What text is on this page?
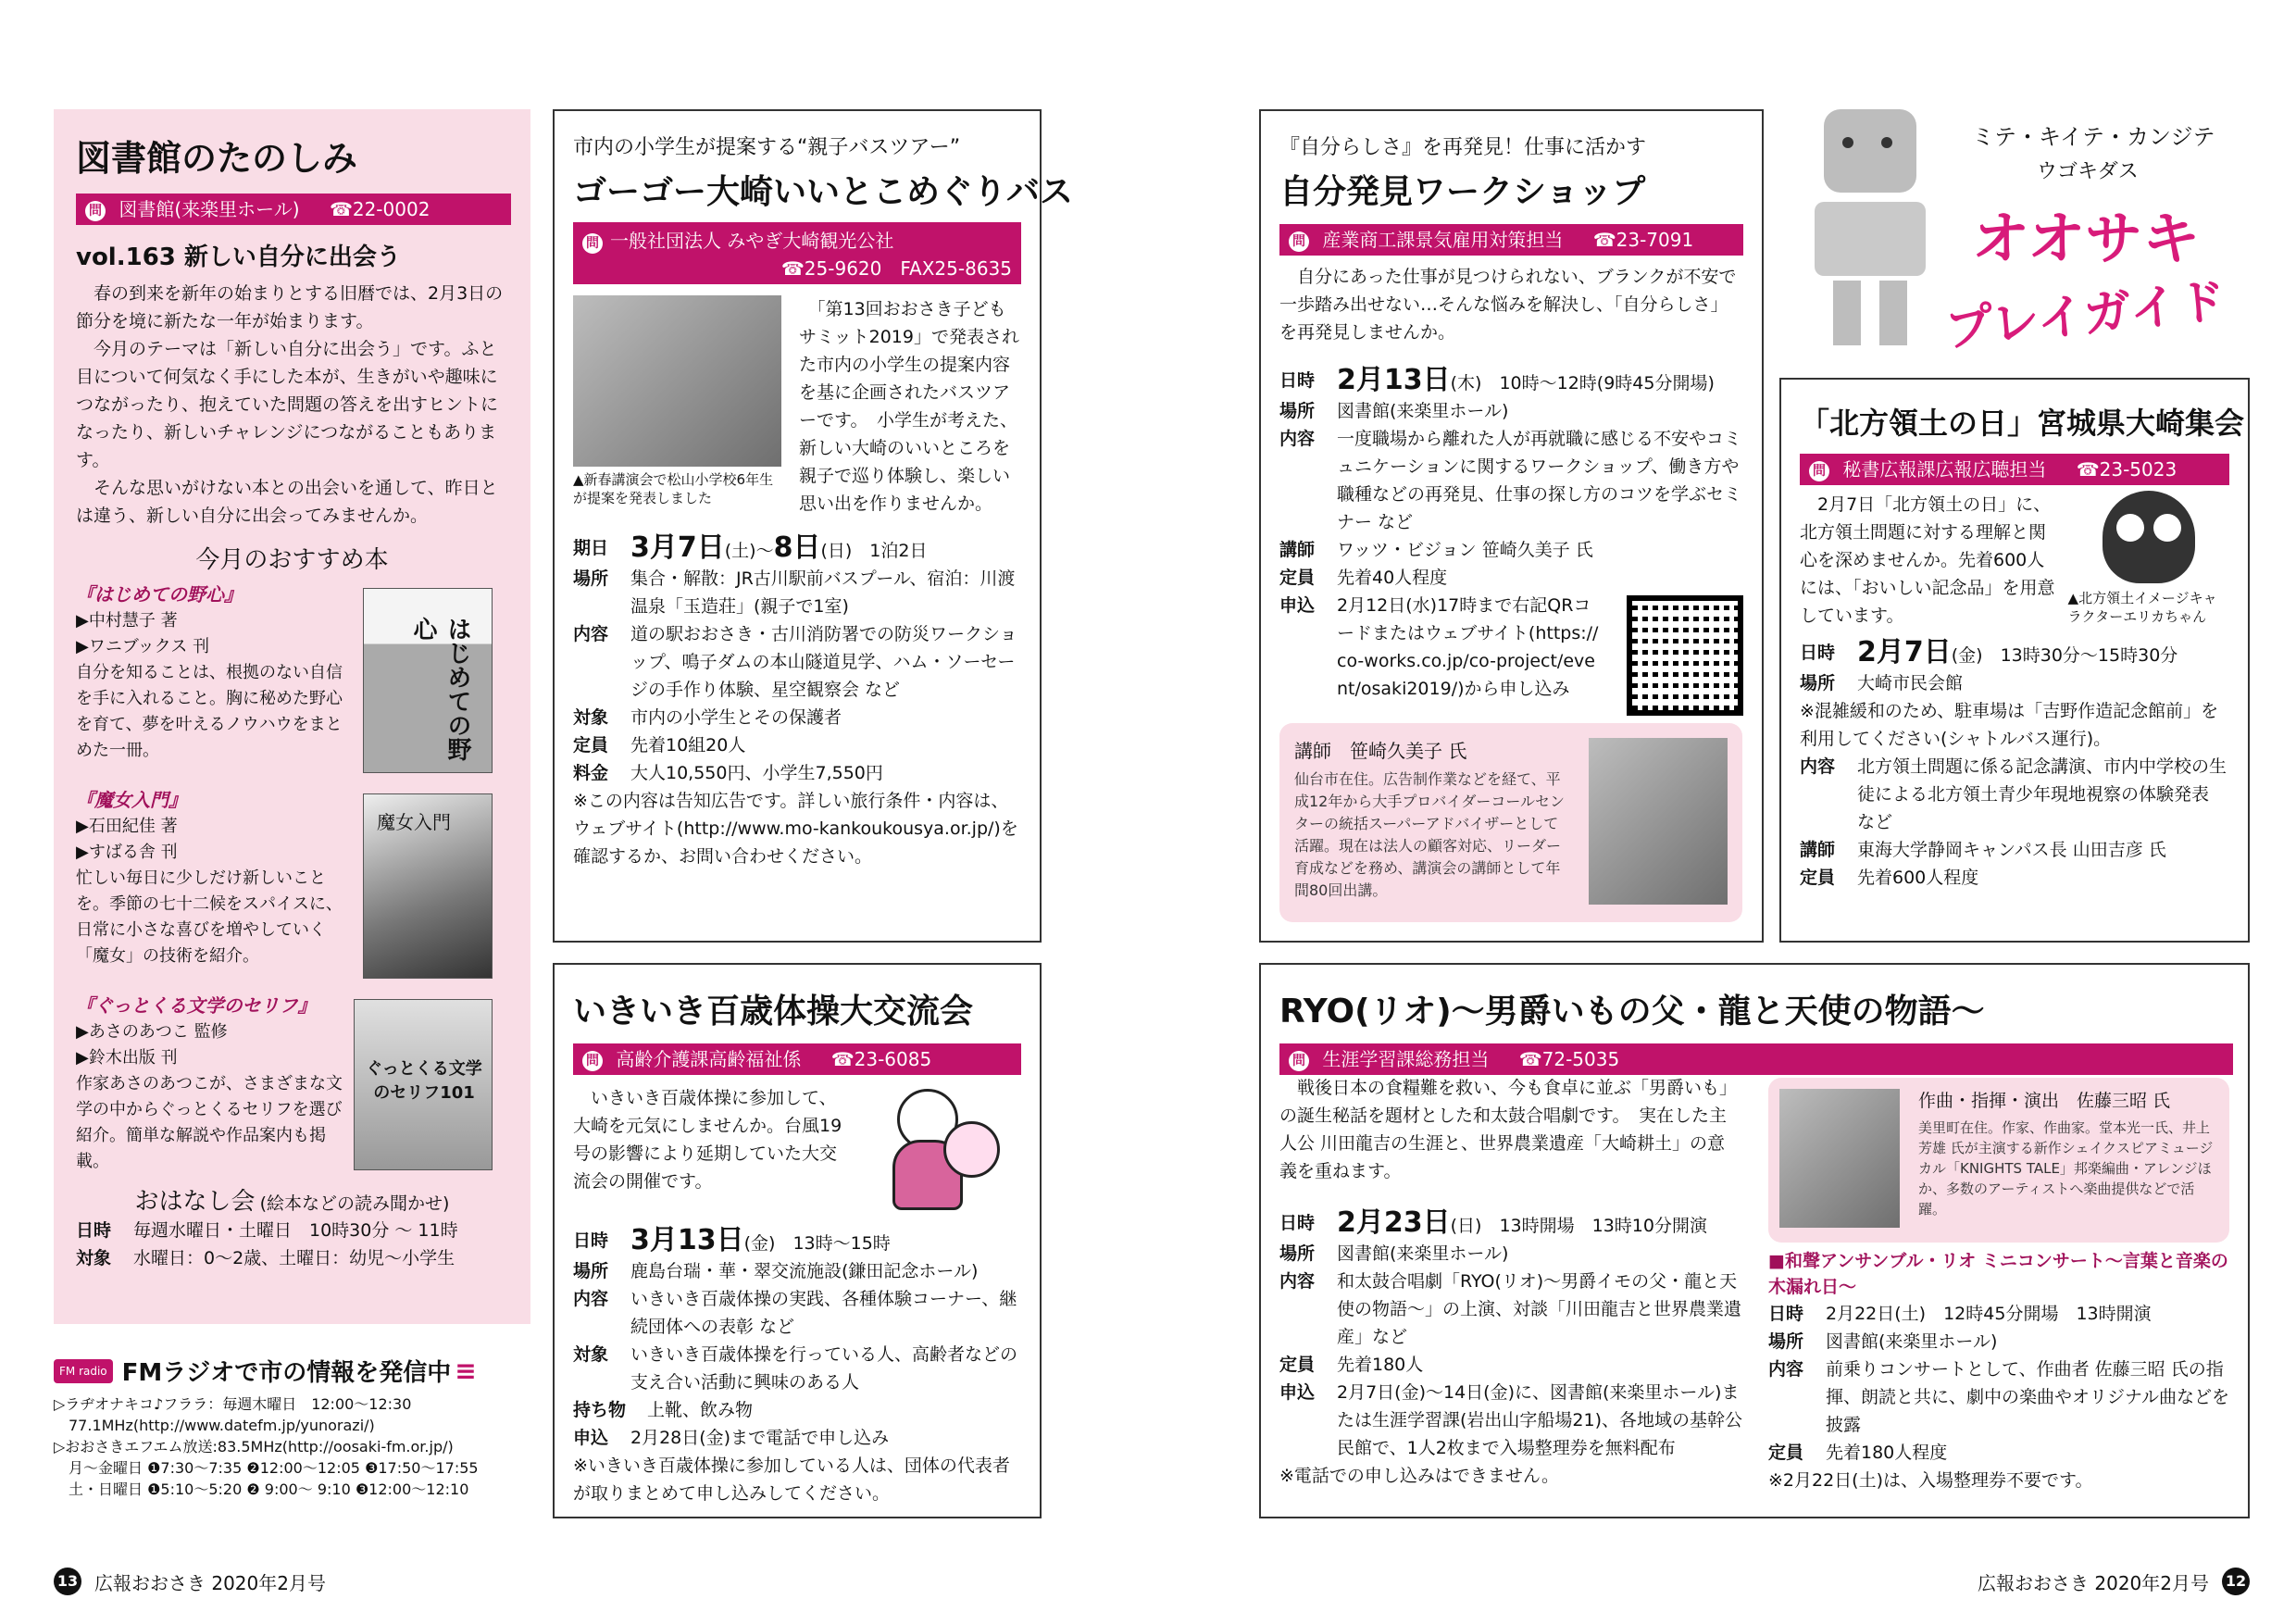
図書館のたのしみ
問 図書館(来楽里ホール) ☎22-0002
vol.163 新しい自分に出会う

　春の到来を新年の始まりとする旧暦では、2月3日の節分を境に新たな一年が始まります。

　今月のテーマは「新しい自分に出会う」です。ふと目について何気なく手にした本が、生きがいや趣味につながったり、抱えていた問題の答えを出すヒントになったり、新しいチャレンジにつながることもあります。

　そんな思いがけない本との出会いを通して、昨日とは違う、新しい自分に出会ってみませんか。

今月のおすすめ本
『はじめての野心』
▶中村慧子 著
▶ワニブックス 刊
自分を知ることは、根拠のない自信を手に入れること。胸に秘めた野心を育て、夢を叶えるノウハウをまとめた一冊。	はじめての野心
『魔女入門』
▶石田紀佳 著
▶すばる舎 刊
忙しい毎日に少しだけ新しいことを。季節の七十二候をスパイスに、日常に小さな喜びを増やしていく「魔女」の技術を紹介。
魔女入門
『ぐっとくる文学のセリフ』
▶あさのあつこ 監修
▶鈴木出版 刊
作家あさのあつこが、さまざまな文学の中からぐっとくるセリフを選び紹介。簡単な解説や作品案内も掲載。
ぐっとくる文学のセリフ101
おはなし会 (絵本などの読み聞かせ)
日時	毎週水曜日・土曜日　10時30分 ～ 11時
対象	水曜日：0～2歳、土曜日：幼児～小学生
FM radio FMラジオで市の情報を発信中 ≡
▷ラヂオナキコ♪フララ：毎週木曜日　12:00～12:30
　77.1MHz(http://www.datefm.jp/yunorazi/)
▷おおさきエフエム放送:83.5MHz(http://oosaki-fm.or.jp/)
　月～金曜日 ❶7:30～7:35 ❷12:00～12:05 ❸17:50～17:55
　土・日曜日 ❶5:10～5:20 ❷ 9:00～ 9:10 ❸12:00～12:10
市内の小学生が提案する“親子バスツアー”
ゴーゴー大崎いいとこめぐりバス
問 一般社団法人 みやぎ大崎観光公社
☎25-9620　 FAX25-8635
▲新春講演会で松山小学校6年生が提案を発表しました

　「第13回おおさき子どもサミット2019」で発表された市内の小学生の提案内容を基に企画されたバスツアーです。　小学生が考えた、新しい大崎のいいところを親子で巡り体験し、楽しい思い出を作りませんか。

期日 3月7日(土)～8日(日)　1泊2日
場所	集合・解散：JR古川駅前バスプール、宿泊：川渡温泉「玉造荘」(親子で1室)
内容	道の駅おおさき・古川消防署での防災ワークショップ、鳴子ダムの本山隧道見学、ハム・ソーセージの手作り体験、星空観察会 など
対象	市内の小学生とその保護者
定員	先着10組20人
料金	大人10,550円、小学生7,550円

※この内容は告知広告です。詳しい旅行条件・内容は、ウェブサイト(http://www.mo-kankoukousya.or.jp/)を確認するか、お問い合わせください。

いきいき百歳体操大交流会
問 高齢介護課高齢福祉係 ☎23-6085

　いきいき百歳体操に参加して、大崎を元気にしませんか。台風19号の影響により延期していた大交流会の開催です。

日時 3月13日(金)　13時～15時
場所	鹿島台瑞・華・翠交流施設(鎌田記念ホール)
内容	いきいき百歳体操の実践、各種体験コーナー、継続団体への表彰 など
対象	いきいき百歳体操を行っている人、高齢者などの支え合い活動に興味のある人
持ち物	上靴、飲み物
申込	2月28日(金)まで電話で申し込み

※いきいき百歳体操に参加している人は、団体の代表者が取りまとめて申し込みしてください。

『自分らしさ』を再発見！仕事に活かす
自分発見ワークショップ
問 産業商工課景気雇用対策担当 ☎23-7091

　自分にあった仕事が見つけられない、ブランクが不安で一歩踏み出せない…そんな悩みを解決し、「自分らしさ」を再発見しませんか。

日時 2月13日(木)　10時～12時(9時45分開場)
場所	図書館(来楽里ホール)
内容	一度職場から離れた人が再就職に感じる不安やコミュニケーションに関するワークショップ、働き方や職種などの再発見、仕事の探し方のコツを学ぶセミナー など
講師	ワッツ・ビジョン 笹崎久美子 氏
定員	先着40人程度
申込	2月12日(水)17時まで右記QRコードまたはウェブサイト(https://co-works.co.jp/co-project/event/osaki2019/)から申し込み
講師　笹崎久美子 氏
仙台市在住。広告制作業などを経て、平成12年から大手プロバイダーコールセンターの統括スーパーアドバイザーとして活躍。現在は法人の顧客対応、リーダー育成などを務め、講演会の講師として年間80回出講。
ミテ・キイテ・カンジテ
ウゴキダス
オオサキ
プレイガイド
「北方領土の日」宮城県大崎集会
問 秘書広報課広報広聴担当 ☎23-5023

　2月7日「北方領土の日」に、北方領土問題に対する理解と関心を深めませんか。先着600人には、「おいしい記念品」を用意しています。

▲北方領土イメージキャラクターエリカちゃん
日時 2月7日(金)　13時30分～15時30分
場所	大崎市民会館

※混雑緩和のため、駐車場は「吉野作造記念館前」を利用してください(シャトルバス運行)。

内容	北方領土問題に係る記念講演、市内中学校の生徒による北方領土青少年現地視察の体験発表 など
講師	東海大学静岡キャンパス長 山田吉彦 氏
定員	先着600人程度
RYO(リオ)～男爵いもの父・龍と天使の物語～
問 生涯学習課総務担当 ☎72-5035

　戦後日本の食糧難を救い、今も食卓に並ぶ「男爵いも」の誕生秘話を題材とした和太鼓合唱劇です。　実在した主人公 川田龍吉の生涯と、世界農業遺産「大崎耕土」の意義を重ねます。

日時 2月23日(日)　13時開場　13時10分開演
場所	図書館(来楽里ホール)
内容	和太鼓合唱劇「RYO(リオ)～男爵イモの父・龍と天使の物語～」の上演、対談「川田龍吉と世界農業遺産」など
定員	先着180人
申込	2月7日(金)～14日(金)に、図書館(来楽里ホール)または生涯学習課(岩出山字船場21)、各地域の基幹公民館で、1人2枚まで入場整理券を無料配布

※電話での申し込みはできません。

作曲・指揮・演出　佐藤三昭 氏
美里町在住。作家、作曲家。堂本光一氏、井上芳雄 氏が主演する新作シェイクスピアミュージカル「KNIGHTS TALE」邦楽編曲・アレンジほか、多数のアーティストへ楽曲提供などで活躍。
■和聲アンサンブル・リオ ミニコンサート～言葉と音楽の木漏れ日～
日時	2月22日(土)　12時45分開場　13時開演
場所	図書館(来楽里ホール)
内容	前乗りコンサートとして、作曲者 佐藤三昭 氏の指揮、朗読と共に、劇中の楽曲やオリジナル曲などを披露
定員	先着180人程度

※2月22日(土)は、入場整理券不要です。

13 広報おおさき 2020年2月号	広報おおさき 2020年2月号 12
